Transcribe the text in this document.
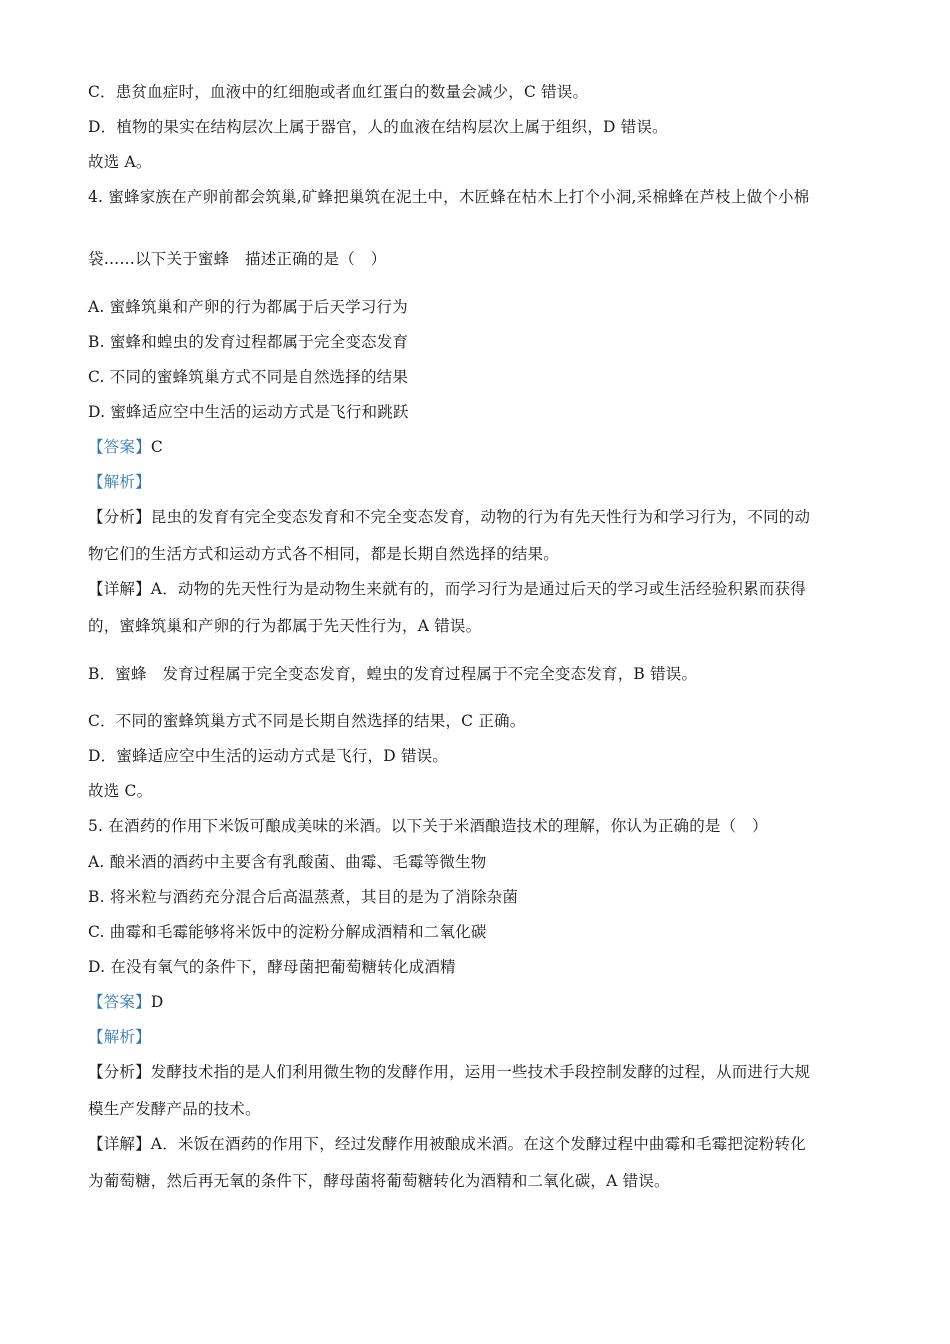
C．患贫血症时，血液中的红细胞或者血红蛋白的数量会减少，C 错误。
D．植物的果实在结构层次上属于器官，人的血液在结构层次上属于组织，D 错误。
故选 A。
4. 蜜蜂家族在产卵前都会筑巢,矿蜂把巢筑在泥土中，木匠蜂在枯木上打个小洞,采棉蜂在芦枝上做个小棉
袋……以下关于蜜蜂　描述正确的是（　）
A. 蜜蜂筑巢和产卵的行为都属于后天学习行为
B. 蜜蜂和蝗虫的发育过程都属于完全变态发育
C. 不同的蜜蜂筑巢方式不同是自然选择的结果
D. 蜜蜂适应空中生活的运动方式是飞行和跳跃
【答案】C
【解析】
【分析】昆虫的发育有完全变态发育和不完全变态发育，动物的行为有先天性行为和学习行为，不同的动
物它们的生活方式和运动方式各不相同，都是长期自然选择的结果。
【详解】A．动物的先天性行为是动物生来就有的，而学习行为是通过后天的学习或生活经验积累而获得
的，蜜蜂筑巢和产卵的行为都属于先天性行为，A 错误。
B．蜜蜂　发育过程属于完全变态发育，蝗虫的发育过程属于不完全变态发育，B 错误。
C．不同的蜜蜂筑巢方式不同是长期自然选择的结果，C 正确。
D．蜜蜂适应空中生活的运动方式是飞行，D 错误。
故选 C。
5. 在酒药的作用下米饭可酿成美味的米酒。以下关于米酒酿造技术的理解，你认为正确的是（　）
A. 酿米酒的酒药中主要含有乳酸菌、曲霉、毛霉等微生物
B. 将米粒与酒药充分混合后高温蒸煮，其目的是为了消除杂菌
C. 曲霉和毛霉能够将米饭中的淀粉分解成酒精和二氧化碳
D. 在没有氧气的条件下，酵母菌把葡萄糖转化成酒精
【答案】D
【解析】
【分析】发酵技术指的是人们利用微生物的发酵作用，运用一些技术手段控制发酵的过程，从而进行大规
模生产发酵产品的技术。
【详解】A．米饭在酒药的作用下，经过发酵作用被酿成米酒。在这个发酵过程中曲霉和毛霉把淀粉转化
为葡萄糖，然后再无氧的条件下，酵母菌将葡萄糖转化为酒精和二氧化碳，A 错误。
